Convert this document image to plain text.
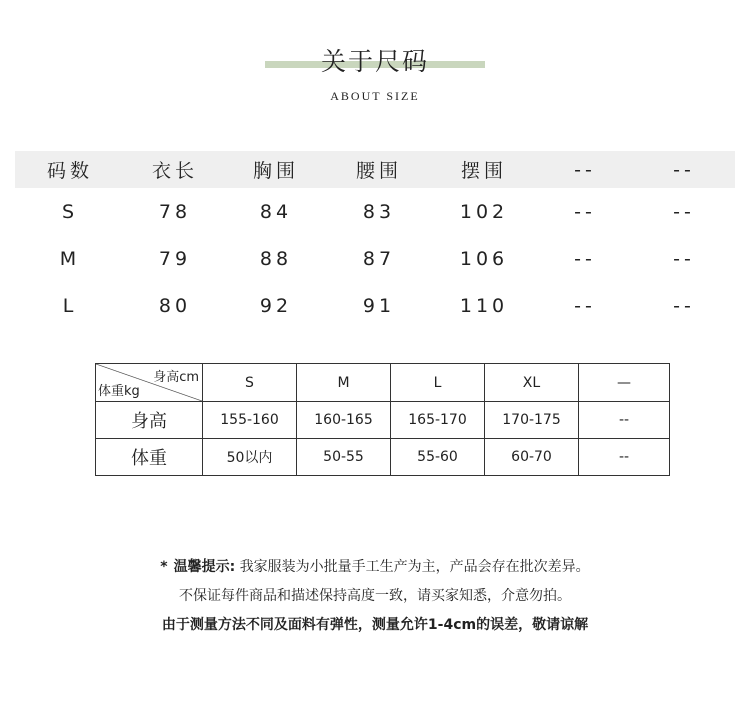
关于尺码
ABOUT SIZE
码数	衣长	胸围	腰围	摆围	--	--
S	78	84	83	102	--	--
M	79	88	87	106	--	--
L	80	92	91	110	--	--
身高cm
体重kg	S	M	L	XL	—
身高	155-160	160-165	165-170	170-175	--
体重	50以内	50-55	55-60	60-70	--
* 温馨提示: 我家服装为小批量手工生产为主，产品会存在批次差异。
不保证每件商品和描述保持高度一致，请买家知悉，介意勿拍。
由于测量方法不同及面料有弹性，测量允许1-4cm的误差，敬请谅解
